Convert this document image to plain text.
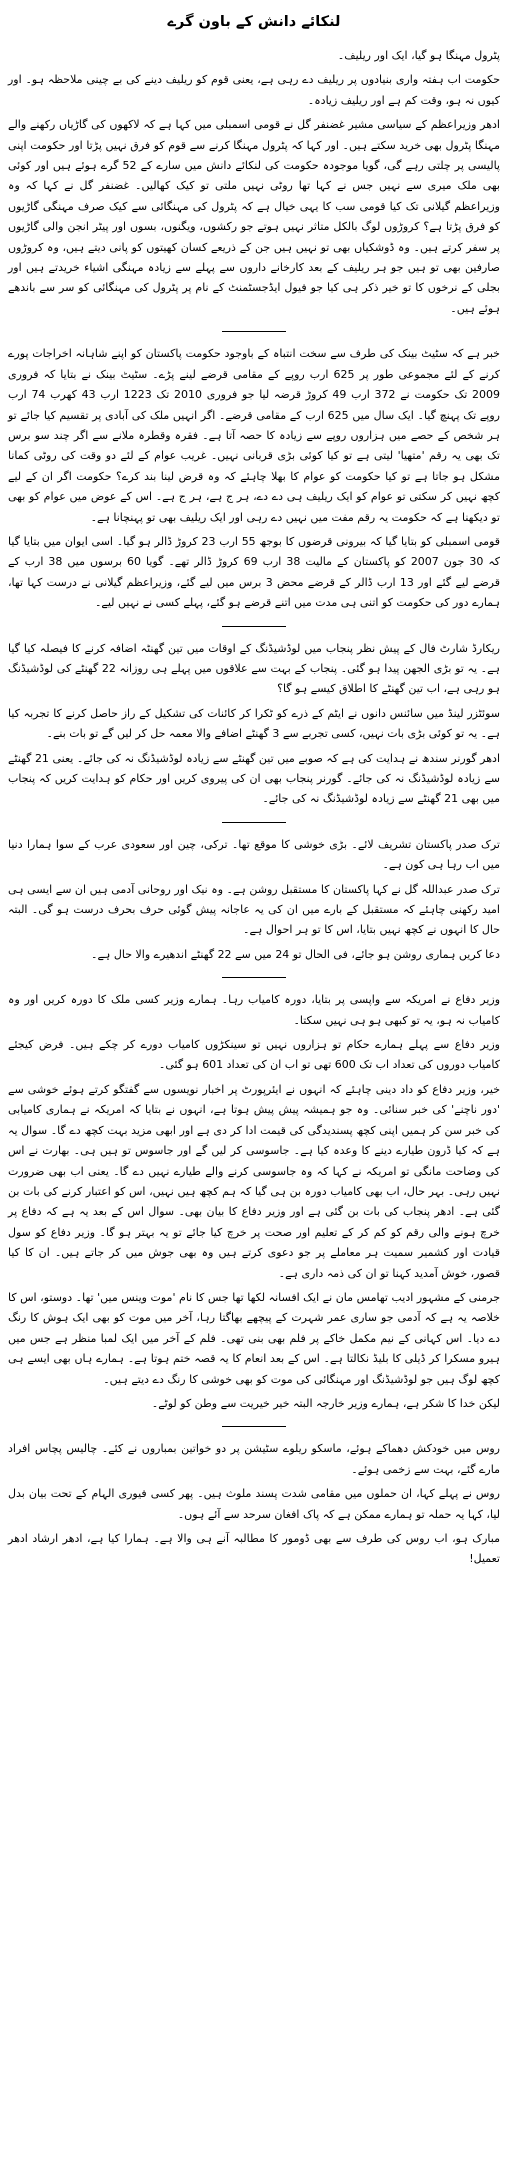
لنکائے دانش کے باون گرے

پٹرول مہنگا ہو گیا، ایک اور ریلیف۔

حکومت اب ہفتہ واری بنیادوں پر ریلیف دے رہی ہے، یعنی قوم کو ریلیف دینے کی بے چینی ملاحظہ ہو۔ اور کیوں نہ ہو، وقت کم ہے اور ریلیف زیادہ۔

ادھر وزیراعظم کے سیاسی مشیر غضنفر گل نے قومی اسمبلی میں کہا ہے کہ لاکھوں کی گاڑیاں رکھنے والے مہنگا پٹرول بھی خرید سکتے ہیں۔ اور کہا کہ پٹرول مہنگا کرنے سے قوم کو فرق نہیں پڑتا اور حکومت اپنی پالیسی پر چلتی رہے گی، گویا موجودہ حکومت کی لنکائے دانش میں سارے کے 52 گرے ہوئے ہیں اور کوئی بھی ملک میری سے نہیں جس نے کہا تھا روٹی نہیں ملتی تو کیک کھالیں۔ غضنفر گل نے کہا کہ وہ وزیراعظم گیلانی تک کیا قومی سب کا یہی خیال ہے کہ پٹرول کی مہنگائی سے کیک صرف مہنگی گاڑیوں کو فرق پڑتا ہے؟ کروڑوں لوگ بالکل متاثر نہیں ہوتے جو رکشوں، ویگنوں، بسوں اور پیٹر انجن والی گاڑیوں پر سفر کرتے ہیں۔ وہ ڈوشکیاں بھی تو نہیں ہیں جن کے ذریعے کسان کھیتوں کو پانی دیتے ہیں، وہ کروڑوں صارفین بھی تو ہیں جو ہر ریلیف کے بعد کارخانے داروں سے پہلے سے زیادہ مہنگی اشیاء خریدتے ہیں اور بجلی کے نرخوں کا تو خیر ذکر ہی کیا جو فیول ایڈجسٹمنٹ کے نام پر پٹرول کی مہنگائی کو سر سے باندھے ہوئے ہیں۔

خبر ہے کہ سٹیٹ بینک کی طرف سے سخت انتباہ کے باوجود حکومت پاکستان کو اپنے شاہانہ اخراجات پورے کرنے کے لئے مجموعی طور پر 625 ارب روپے کے مقامی قرضے لینے پڑے۔ سٹیٹ بینک نے بتایا کہ فروری 2009 تک حکومت نے 372 ارب 49 کروڑ قرضہ لیا جو فروری 2010 تک 1223 ارب 43 کھرب 74 ارب روپے تک پہنچ گیا۔ ایک سال میں 625 ارب کے مقامی قرضے۔ اگر انہیں ملک کی آبادی پر تقسیم کیا جائے تو ہر شخص کے حصے میں ہزاروں روپے سے زیادہ کا حصہ آتا ہے۔ فقرہ وقطرہ ملانے سے اگر چند سو برس تک بھی یہ رقم 'متھیا' لیتی ہے تو کیا کوئی بڑی قربانی نہیں۔ غریب عوام کے لئے دو وقت کی روٹی کمانا مشکل ہو جاتا ہے تو کیا حکومت کو عوام کا بھلا چاہئے کہ وہ قرض لینا بند کرے؟ حکومت اگر ان کے لیے کچھ نہیں کر سکتی تو عوام کو ایک ریلیف ہی دے دے، ہر ج ہے، ہر ج ہے۔ اس کے عوض میں عوام کو بھی تو دیکھنا ہے کہ حکومت یہ رقم مفت میں نہیں دے رہی اور ایک ریلیف بھی تو پہنچانا ہے۔

قومی اسمبلی کو بتایا گیا کہ بیرونی قرضوں کا بوجھ 55 ارب 23 کروڑ ڈالر ہو گیا۔ اسی ایوان میں بتایا گیا کہ 30 جون 2007 کو پاکستان کے مالیت 38 ارب 69 کروڑ ڈالر تھے۔ گویا 60 برسوں میں 38 ارب کے قرضے لیے گئے اور 13 ارب ڈالر کے قرضے محض 3 برس میں لیے گئے، وزیراعظم گیلانی نے درست کہا تھا، ہمارے دور کی حکومت کو اتنی ہی مدت میں اتنے قرضے ہو گئے، پہلے کسی نے نہیں لیے۔

ریکارڈ شارٹ فال کے پیش نظر پنجاب میں لوڈشیڈنگ کے اوقات میں تین گھنٹہ اضافہ کرنے کا فیصلہ کیا گیا ہے۔ یہ تو بڑی الجھن پیدا ہو گئی۔ پنجاب کے بہت سے علاقوں میں پہلے ہی روزانہ 22 گھنٹے کی لوڈشیڈنگ ہو رہی ہے، اب تین گھنٹے کا اطلاق کیسے ہو گا؟

سوئٹزر لینڈ میں سائنس دانوں نے ایٹم کے ذرے کو ٹکرا کر کائنات کی تشکیل کے راز حاصل کرنے کا تجربہ کیا ہے۔ یہ تو کوئی بڑی بات نہیں، کسی تجربے سے 3 گھنٹے اضافے والا معمہ حل کر لیں گے تو بات بنے۔

ادھر گورنر سندھ نے ہدایت کی ہے کہ صوبے میں تین گھنٹے سے زیادہ لوڈشیڈنگ نہ کی جائے۔ یعنی 21 گھنٹے سے زیادہ لوڈشیڈنگ نہ کی جائے۔ گورنر پنجاب بھی ان کی پیروی کریں اور حکام کو ہدایت کریں کہ پنجاب میں بھی 21 گھنٹے سے زیادہ لوڈشیڈنگ نہ کی جائے۔

ترک صدر پاکستان تشریف لائے۔ بڑی خوشی کا موقع تھا۔ ترکی، چین اور سعودی عرب کے سوا ہمارا دنیا میں اب رہا ہی کون ہے۔

ترک صدر عبداللہ گل نے کہا پاکستان کا مستقبل روشن ہے۔ وہ نیک اور روحانی آدمی ہیں ان سے ایسی ہی امید رکھنی چاہئے کہ مستقبل کے بارے میں ان کی یہ عاجانہ پیش گوئی حرف بحرف درست ہو گی۔ البتہ حال کا انہوں نے کچھ نہیں بتایا، اس کا تو ہر احوال ہے۔

دعا کریں ہماری روشن ہو جائے، فی الحال تو 24 میں سے 22 گھنٹے اندھیرے والا حال ہے۔

وزیر دفاع نے امریکہ سے واپسی پر بتایا، دورہ کامیاب رہا۔ ہمارے وزیر کسی ملک کا دورہ کریں اور وہ کامیاب نہ ہو، یہ تو کبھی ہو ہی نہیں سکتا۔

وزیر دفاع سے پہلے ہمارے حکام تو ہزاروں نہیں تو سینکڑوں کامیاب دورے کر چکے ہیں۔ فرض کیجئے کامیاب دوروں کی تعداد اب تک 600 تھی تو اب ان کی تعداد 601 ہو گئی۔

خیر، وزیر دفاع کو داد دینی چاہئے کہ انہوں نے ایئرپورٹ پر اخبار نویسوں سے گفتگو کرتے ہوئے خوشی سے 'دور ناچنے' کی خبر سنائی۔ وہ جو ہمیشہ پیش پیش ہوتا ہے، انہوں نے بتایا کہ امریکہ نے ہماری کامیابی کی خبر سن کر ہمیں اپنی کچھ پسندیدگی کی قیمت ادا کر دی ہے اور ابھی مزید بہت کچھ دے گا۔ سوال یہ ہے کہ کیا ڈرون طیارے دینے کا وعدہ کیا ہے۔ جاسوسی کر لیں گے اور جاسوس تو ہیں ہی۔ بھارت نے اس کی وضاحت مانگی تو امریکہ نے کہا کہ وہ جاسوسی کرنے والے طیارے نہیں دے گا۔ یعنی اب بھی ضرورت نہیں رہی۔ بہر حال، اب بھی کامیاب دورہ بن ہی گیا کہ ہم کچھ ہیں نہیں، اس کو اعتبار کرنے کی بات بن گئی ہے۔ ادھر پنجاب کی بات بن گئی ہے اور وزیر دفاع کا بیان بھی۔ سوال اس کے بعد یہ ہے کہ دفاع پر خرچ ہونے والی رقم کو کم کر کے تعلیم اور صحت پر خرچ کیا جائے تو یہ بہتر ہو گا۔ وزیر دفاع کو سول قیادت اور کشمیر سمیت ہر معاملے پر جو دعوی کرتے ہیں وہ بھی جوش میں کر جاتے ہیں۔ ان کا کیا قصور، خوش آمدید کہنا تو ان کی ذمہ داری ہے۔

جرمنی کے مشہور ادیب تھامس مان نے ایک افسانہ لکھا تھا جس کا نام 'موت وینس میں' تھا۔ دوستو، اس کا خلاصہ یہ ہے کہ آدمی جو ساری عمر شہرت کے پیچھے بھاگتا رہا، آخر میں موت کو بھی ایک ہوش کا رنگ دے دیا۔ اس کہانی کے نیم مکمل خاکے پر فلم بھی بنی تھی۔ فلم کے آخر میں ایک لمبا منظر ہے جس میں ہیرو مسکرا کر ڈیلی کا بلیڈ نکالتا ہے۔ اس کے بعد انعام کا یہ قصہ ختم ہوتا ہے۔ ہمارے ہاں بھی ایسے ہی کچھ لوگ ہیں جو لوڈشیڈنگ اور مہنگائی کی موت کو بھی خوشی کا رنگ دے دیتے ہیں۔

لیکن خدا کا شکر ہے، ہمارے وزیر خارجہ البتہ خیر خیریت سے وطن کو لوٹے۔

روس میں خودکش دھماکے ہوئے، ماسکو ریلوے سٹیشن پر دو خواتین بمباروں نے کئے۔ چالیس پچاس افراد مارے گئے، بہت سے زخمی ہوئے۔

روس نے پہلے کہا، ان حملوں میں مقامی شدت پسند ملوث ہیں۔ پھر کسی فیوری الہام کے تحت بیان بدل لیا، کہا یہ حملہ تو ہمارے ممکن ہے کہ پاک افغان سرحد سے آئے ہوں۔

مبارک ہو، اب روس کی طرف سے بھی ڈومور کا مطالبہ آنے ہی والا ہے۔ ہمارا کیا ہے، ادھر ارشاد ادھر تعمیل!
